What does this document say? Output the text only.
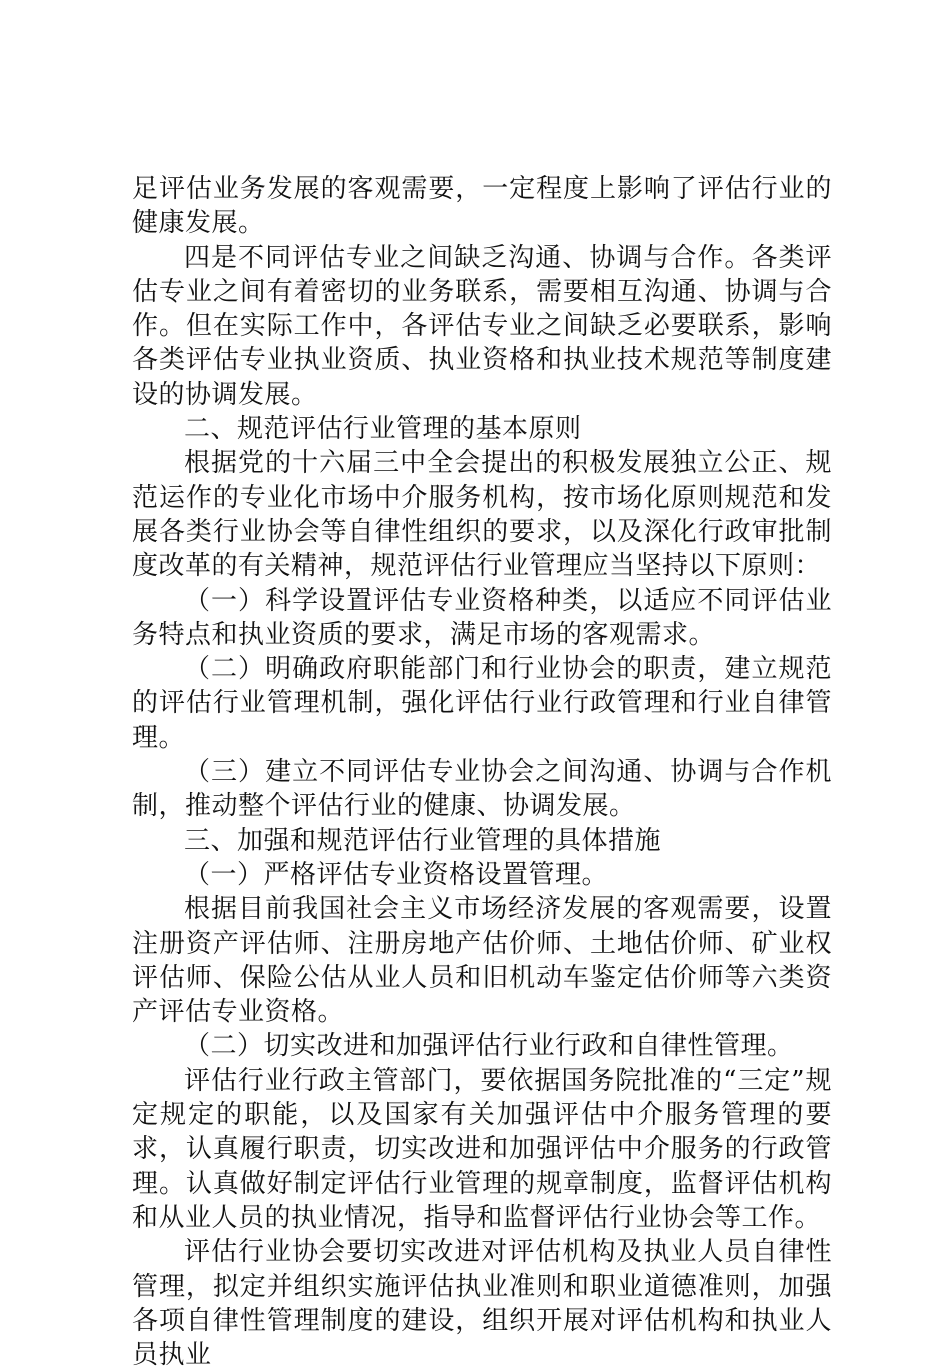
足评估业务发展的客观需要，一定程度上影响了评估行业的健康发展。

四是不同评估专业之间缺乏沟通、协调与合作。各类评估专业之间有着密切的业务联系，需要相互沟通、协调与合作。但在实际工作中，各评估专业之间缺乏必要联系，影响各类评估专业执业资质、执业资格和执业技术规范等制度建设的协调发展。

二、规范评估行业管理的基本原则

根据党的十六届三中全会提出的积极发展独立公正、规范运作的专业化市场中介服务机构，按市场化原则规范和发展各类行业协会等自律性组织的要求，以及深化行政审批制度改革的有关精神，规范评估行业管理应当坚持以下原则：

（一）科学设置评估专业资格种类，以适应不同评估业务特点和执业资质的要求，满足市场的客观需求。

（二）明确政府职能部门和行业协会的职责，建立规范的评估行业管理机制，强化评估行业行政管理和行业自律管理。

（三）建立不同评估专业协会之间沟通、协调与合作机制，推动整个评估行业的健康、协调发展。

三、加强和规范评估行业管理的具体措施

（一）严格评估专业资格设置管理。

根据目前我国社会主义市场经济发展的客观需要，设置注册资产评估师、注册房地产估价师、土地估价师、矿业权评估师、保险公估从业人员和旧机动车鉴定估价师等六类资产评估专业资格。

（二）切实改进和加强评估行业行政和自律性管理。

评估行业行政主管部门，要依据国务院批准的“三定”规定规定的职能，以及国家有关加强评估中介服务管理的要求，认真履行职责，切实改进和加强评估中介服务的行政管理。认真做好制定评估行业管理的规章制度，监督评估机构和从业人员的执业情况，指导和监督评估行业协会等工作。

评估行业协会要切实改进对评估机构及执业人员自律性管理，拟定并组织实施评估执业准则和职业道德准则，加强各项自律性管理制度的建设，组织开展对评估机构和执业人员执业
